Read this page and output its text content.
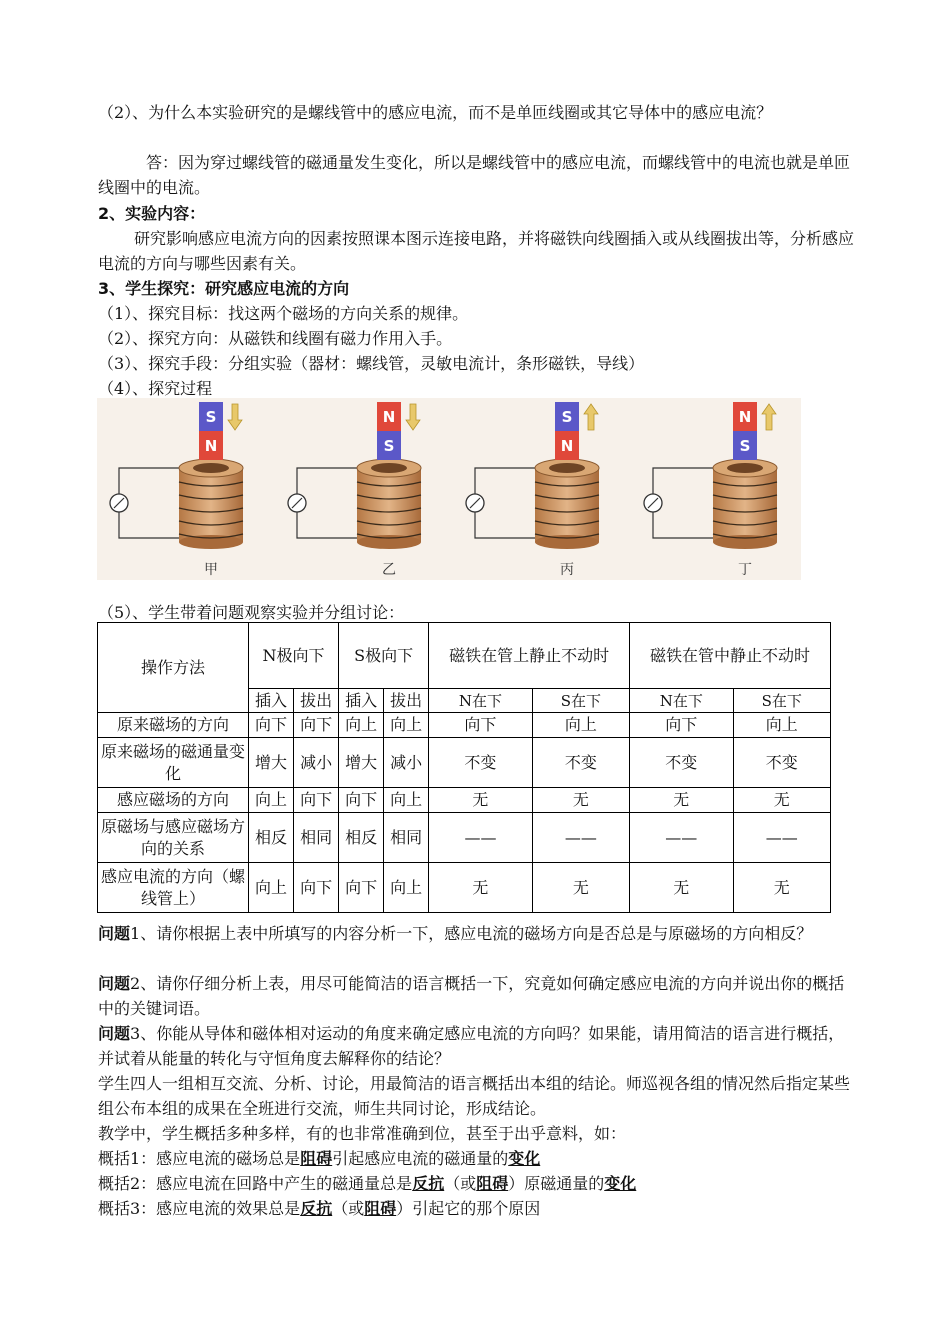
（2）、为什么本实验研究的是螺线管中的感应电流，而不是单匝线圈或其它导体中的感应电流？

答：因为穿过螺线管的磁通量发生变化，所以是螺线管中的感应电流，而螺线管中的电流也就是单匝线圈中的电流。

2、实验内容：

研究影响感应电流方向的因素按照课本图示连接电路，并将磁铁向线圈插入或从线圈拔出等，分析感应电流的方向与哪些因素有关。

3、学生探究：研究感应电流的方向

（1）、探究目标：找这两个磁场的方向关系的规律。

（2）、探究方向：从磁铁和线圈有磁力作用入手。

（3）、探究手段：分组实验（器材：螺线管，灵敏电流计，条形磁铁，导线）

（4）、探究过程

S
N
甲
N
S
乙
S
N
丙
N
S
丁

（5）、学生带着问题观察实验并分组讨论：

操作方法	N极向下		S极向下		磁铁在管上静止不动时		磁铁在管中静止不动时	
	插入	拔出	插入	拔出	N在下	S在下	N在下	S在下
原来磁场的方向	向下	向下	向上	向上	向下	向上	向下	向上
原来磁场的磁通量变化	增大	减小	增大	减小	不变	不变	不变	不变
感应磁场的方向	向上	向下	向下	向上	无	无	无	无
原磁场与感应磁场方向的关系	相反	相同	相反	相同	——	——	——	——
感应电流的方向（螺线管上）	向上	向下	向下	向上	无	无	无	无

问题1、请你根据上表中所填写的内容分析一下，感应电流的磁场方向是否总是与原磁场的方向相反？

问题2、请你仔细分析上表，用尽可能简洁的语言概括一下，究竟如何确定感应电流的方向并说出你的概括中的关键词语。

问题3、你能从导体和磁体相对运动的角度来确定感应电流的方向吗？如果能，请用简洁的语言进行概括，并试着从能量的转化与守恒角度去解释你的结论？

学生四人一组相互交流、分析、讨论，用最简洁的语言概括出本组的结论。师巡视各组的情况然后指定某些组公布本组的成果在全班进行交流，师生共同讨论，形成结论。

教学中，学生概括多种多样，有的也非常准确到位，甚至于出乎意料，如：

概括1：感应电流的磁场总是阻碍引起感应电流的磁通量的变化

概括2：感应电流在回路中产生的磁通量总是反抗（或阻碍）原磁通量的变化

概括3：感应电流的效果总是反抗（或阻碍）引起它的那个原因
